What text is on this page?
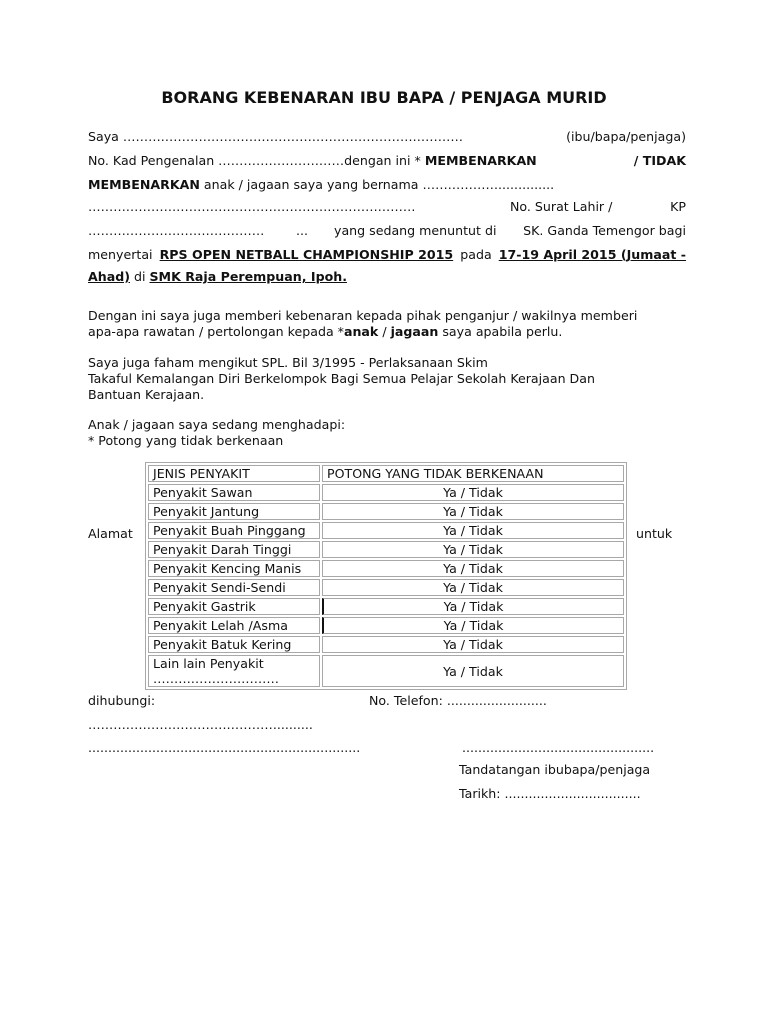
BORANG KEBENARAN IBU BAPA / PENJAGA MURID
Saya ………………………………………………………………………	(ibu/bapa/penjaga)
No. Kad Pengenalan …………………………dengan ini * MEMBENARKAN	/ TIDAK
MEMBENARKAN anak / jagaan saya yang bernama ………………..............
……………………………………………………………………	No. Surat Lahir /	KP
……………………………………	... yang sedang menuntut di SK. Ganda Temengor bagi
menyertai RPS OPEN NETBALL CHAMPIONSHIP 2015 pada 17-19 April 2015 (Jumaat -
Ahad) di SMK Raja Perempuan, Ipoh.
Dengan ini saya juga memberi kebenaran kepada pihak penganjur / wakilnya memberi
apa-apa rawatan / pertolongan kepada *anak / jagaan saya apabila perlu.
Saya juga faham mengikut SPL. Bil 3/1995 - Perlaksanaan Skim
Takaful Kemalangan Diri Berkelompok Bagi Semua Pelajar Sekolah Kerajaan Dan
Bantuan Kerajaan.
Anak / jagaan saya sedang menghadapi:
* Potong yang tidak berkenaan
Alamat	untuk
JENIS PENYAKIT	POTONG YANG TIDAK BERKENAAN
Penyakit Sawan	Ya / Tidak
Penyakit Jantung	Ya / Tidak
Penyakit Buah Pinggang	Ya / Tidak
Penyakit Darah Tinggi	Ya / Tidak
Penyakit Kencing Manis	Ya / Tidak
Penyakit Sendi-Sendi	Ya / Tidak
Penyakit Gastrik	Ya / Tidak
Penyakit Lelah /Asma	Ya / Tidak
Penyakit Batuk Kering	Ya / Tidak

Lain lain Penyakit
…………………………	Ya / Tidak
dihubungi:	No. Telefon: .........................
……………………………………….........
....................................................................	................................................
Tandatangan ibubapa/penjaga
Tarikh: ..................................
